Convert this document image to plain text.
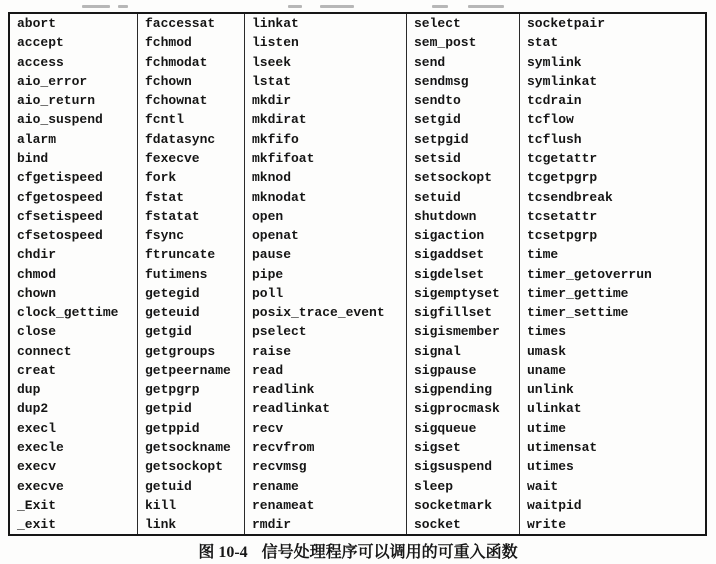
abort
accept
access
aio_error
aio_return
aio_suspend
alarm
bind
cfgetispeed
cfgetospeed
cfsetispeed
cfsetospeed
chdir
chmod
chown
clock_gettime
close
connect
creat
dup
dup2
execl
execle
execv
execve
_Exit
_exit
faccessat
fchmod
fchmodat
fchown
fchownat
fcntl
fdatasync
fexecve
fork
fstat
fstatat
fsync
ftruncate
futimens
getegid
geteuid
getgid
getgroups
getpeername
getpgrp
getpid
getppid
getsockname
getsockopt
getuid
kill
link
linkat
listen
lseek
lstat
mkdir
mkdirat
mkfifo
mkfifoat
mknod
mknodat
open
openat
pause
pipe
poll
posix_trace_event
pselect
raise
read
readlink
readlinkat
recv
recvfrom
recvmsg
rename
renameat
rmdir
select
sem_post
send
sendmsg
sendto
setgid
setpgid
setsid
setsockopt
setuid
shutdown
sigaction
sigaddset
sigdelset
sigemptyset
sigfillset
sigismember
signal
sigpause
sigpending
sigprocmask
sigqueue
sigset
sigsuspend
sleep
socketmark
socket
socketpair
stat
symlink
symlinkat
tcdrain
tcflow
tcflush
tcgetattr
tcgetpgrp
tcsendbreak
tcsetattr
tcsetpgrp
time
timer_getoverrun
timer_gettime
timer_settime
times
umask
uname
unlink
ulinkat
utime
utimensat
utimes
wait
waitpid
write
图 10-4 信号处理程序可以调用的可重入函数
